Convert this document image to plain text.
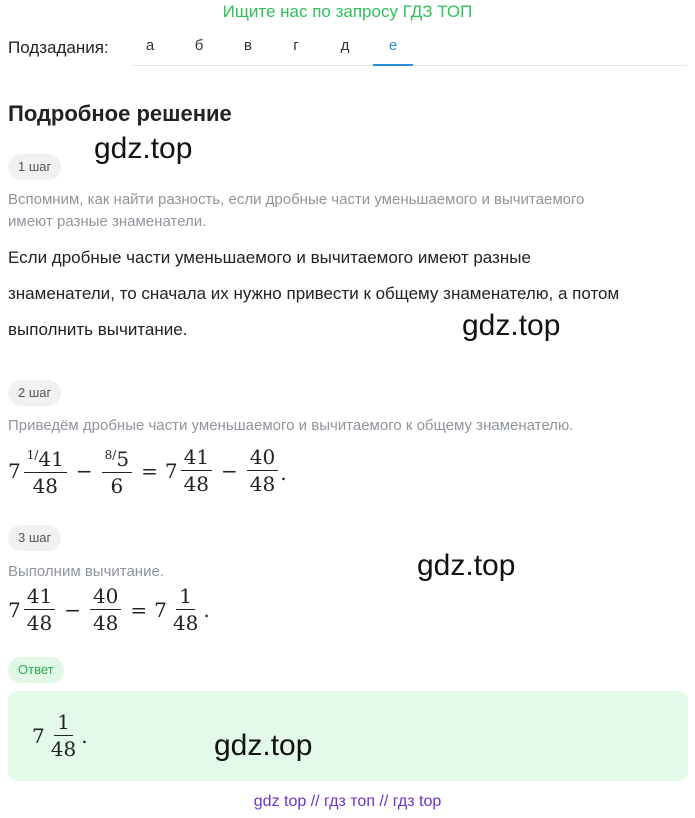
Ищите нас по запросу ГДЗ ТОП
Подзадания:	а	б	в	г	д	е
Подробное решение
1 шаг
gdz.top
Вспомним, как найти разность, если дробные части уменьшаемого и вычитаемого
имеют разные знаменатели.
Если дробные части уменьшаемого и вычитаемого имеют разные
знаменатели, то сначала их нужно привести к общему знаменателю, а потом
выполнить вычитание.	gdz.top
2 шаг
Приведём дробные части уменьшаемого и вычитаемого к общему знаменателю.
$7 \frac{^{1/}41}{48} - \frac{^{8/}5}{6} = 7 \frac{41}{48} - \frac{40}{48}$ .
3 шаг
gdz.top
Выполним вычитание.
$7 \frac{41}{48} - \frac{40}{48} = 7 \frac{1}{48}$ .
Ответ
$7 \frac{1}{48}$ .	gdz.top
gdz top // гдз топ // гдз top
